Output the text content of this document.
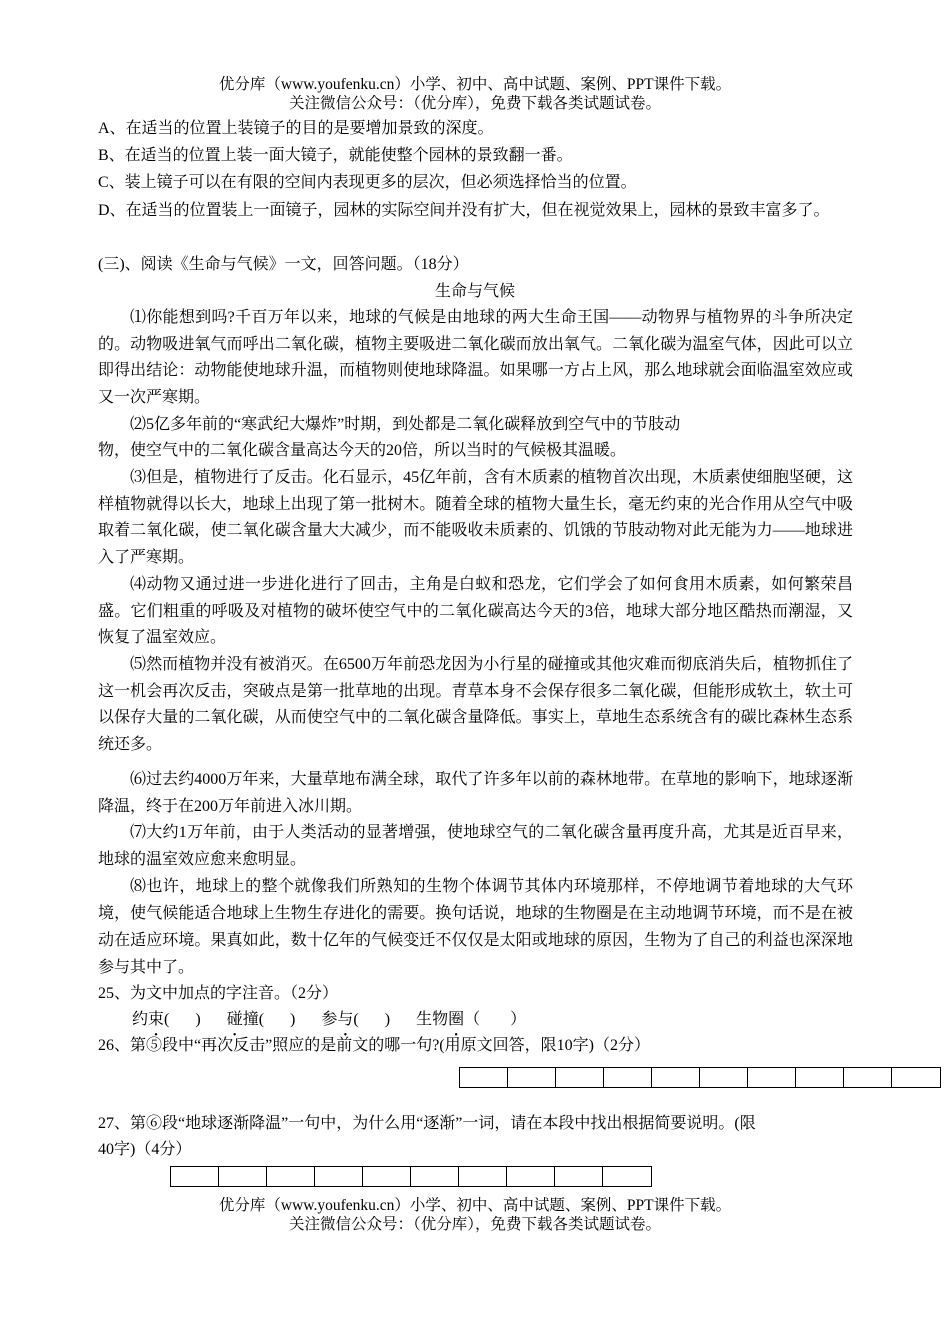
优分库（www.youfenku.cn）小学、初中、高中试题、案例、PPT课件下载。
关注微信公众号：（优分库），免费下载各类试题试卷。
A、在适当的位置上装镜子的目的是要增加景致的深度。
B、在适当的位置上装一面大镜子，就能使整个园林的景致翻一番。
C、装上镜子可以在有限的空间内表现更多的层次，但必须选择恰当的位置。
D、在适当的位置装上一面镜子，园林的实际空间并没有扩大，但在视觉效果上，园林的景致丰富多了。
(三)、阅读《生命与气候》一文，回答问题。（18分）
生命与气候
⑴你能想到吗?千百万年以来，地球的气候是由地球的两大生命王国——动物界与植物界的斗争所决定的。动物吸进氧气而呼出二氧化碳，植物主要吸进二氧化碳而放出氧气。二氧化碳为温室气体，因此可以立即得出结论：动物能使地球升温，而植物则使地球降温。如果哪一方占上风，那么地球就会面临温室效应或又一次严寒期。
⑵5亿多年前的“寒武纪大爆炸”时期，到处都是二氧化碳释放到空气中的节肢动
物，使空气中的二氧化碳含量高达今天的20倍，所以当时的气候极其温暖。
⑶但是，植物进行了反击。化石显示，45亿年前，含有木质素的植物首次出现，木质素使细胞坚硬，这样植物就得以长大，地球上出现了第一批树木。随着全球的植物大量生长，毫无约束的光合作用从空气中吸取着二氧化碳，使二氧化碳含量大大减少，而不能吸收未质素的、饥饿的节肢动物对此无能为力——地球进入了严寒期。
⑷动物又通过进一步进化进行了回击，主角是白蚁和恐龙，它们学会了如何食用木质素，如何繁荣昌盛。它们粗重的呼吸及对植物的破坏使空气中的二氧化碳高达今天的3倍，地球大部分地区酷热而潮湿，又恢复了温室效应。
⑸然而植物并没有被消灭。在6500万年前恐龙因为小行星的碰撞或其他灾难而彻底消失后，植物抓住了这一机会再次反击，突破点是第一批草地的出现。青草本身不会保存很多二氧化碳，但能形成软土，软土可以保存大量的二氧化碳，从而使空气中的二氧化碳含量降低。事实上，草地生态系统含有的碳比森林生态系统还多。
⑹过去约4000万年来，大量草地布满全球，取代了许多年以前的森林地带。在草地的影响下，地球逐渐降温，终于在200万年前进入冰川期。
⑺大约1万年前，由于人类活动的显著增强，使地球空气的二氧化碳含量再度升高，尤其是近百早来，地球的温室效应愈来愈明显。
⑻也许，地球上的整个就像我们所熟知的生物个体调节其体内环境那样，不停地调节着地球的大气环境，使气候能适合地球上生物生存进化的需要。换句话说，地球的生物圈是在主动地调节环境，而不是在被动在适应环境。果真如此，数十亿年的气候变迁不仅仅是太阳或地球的原因，生物为了自己的利益也深深地参与其中了。
25、为文中加点的字注音。（2分）
约束( ) 碰撞( ) 参与( ) 生物圈（ ）
26、第⑤段中“再次反击”照应的是前文的哪一句?(用原文回答，限10字)（2分）
27、第⑥段“地球逐渐降温”一句中，为什么用“逐渐”一词，请在本段中找出根据简要说明。(限
40字)（4分）
优分库（www.youfenku.cn）小学、初中、高中试题、案例、PPT课件下载。
关注微信公众号：（优分库），免费下载各类试题试卷。
